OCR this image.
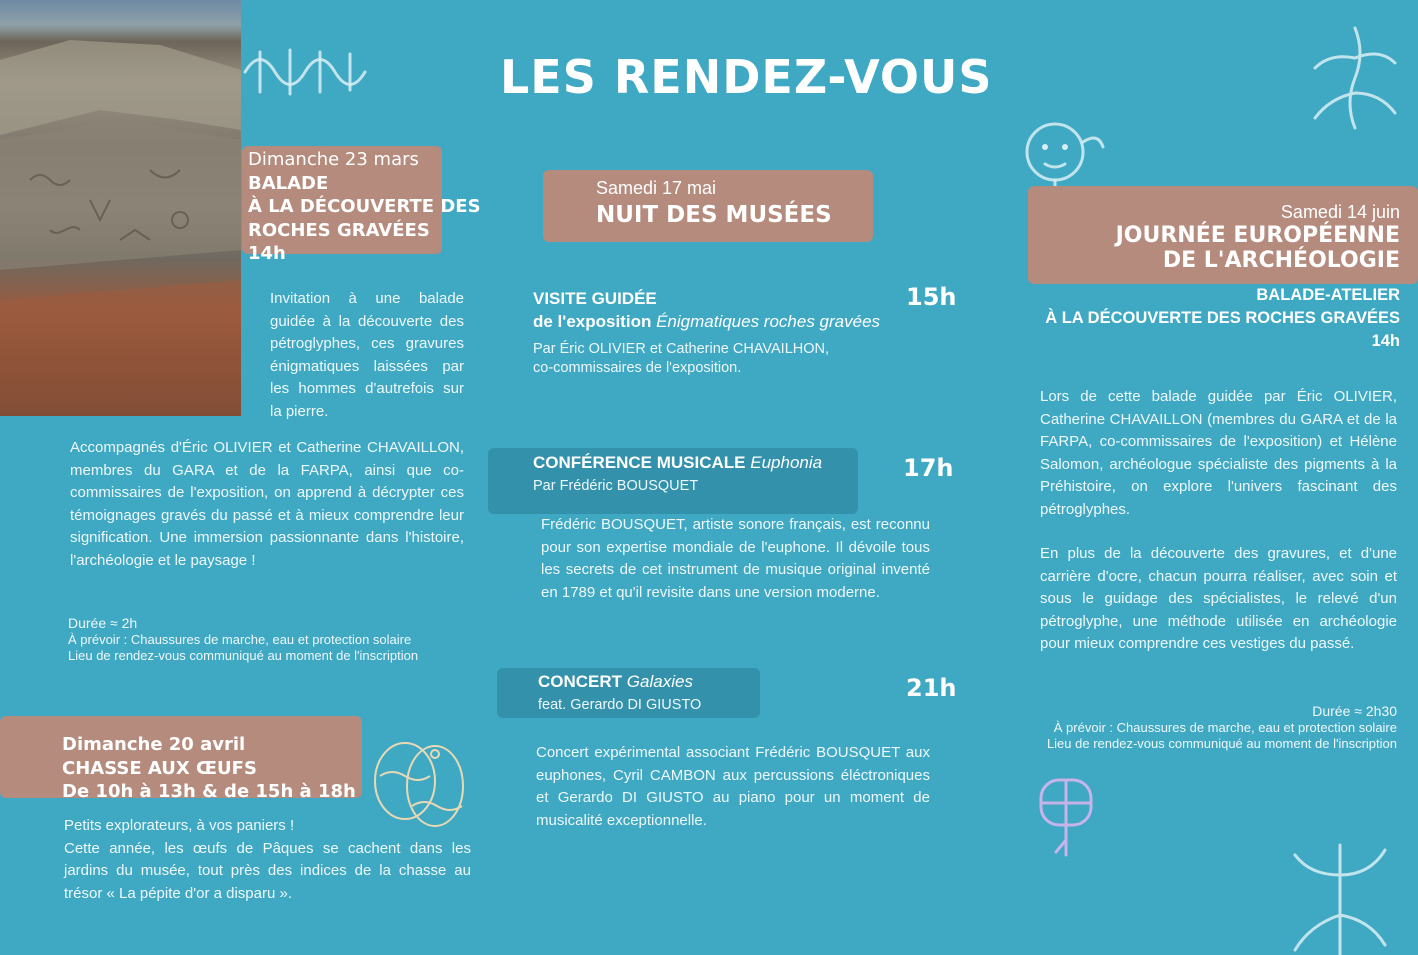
LES RENDEZ-VOUS
Dimanche 23 mars
BALADE
À LA DÉCOUVERTE DES
ROCHES GRAVÉES
14h
Invitation à une balade guidée à la découverte des pétroglyphes, ces gravures énigmatiques laissées par les hommes d'autrefois sur la pierre.
Accompagnés d'Éric OLIVIER et Catherine CHAVAILLON, membres du GARA et de la FARPA, ainsi que co-commissaires de l'exposition, on apprend à décrypter ces témoignages gravés du passé et à mieux comprendre leur signification. Une immersion passionnante dans l'histoire, l'archéologie et le paysage !
Durée ≈ 2h
À prévoir : Chaussures de marche, eau et protection solaire
Lieu de rendez-vous communiqué au moment de l'inscription
Dimanche 20 avril
CHASSE AUX ŒUFS
De 10h à 13h & de 15h à 18h
Petits explorateurs, à vos paniers !
Cette année, les œufs de Pâques se cachent dans les jardins du musée, tout près des indices de la chasse au trésor « La pépite d'or a disparu ».
Samedi 17 mai
NUIT DES MUSÉES
VISITE GUIDÉE
de l'exposition Énigmatiques roches gravées
Par Éric OLIVIER et Catherine CHAVAILHON,
co-commissaires de l'exposition.
15h
CONFÉRENCE MUSICALE Euphonia
Par Frédéric BOUSQUET
17h
Frédéric BOUSQUET, artiste sonore français, est reconnu pour son expertise mondiale de l'euphone. Il dévoile tous les secrets de cet instrument de musique original inventé en 1789 et qu'il revisite dans une version moderne.
CONCERT Galaxies
feat. Gerardo DI GIUSTO
21h
Concert expérimental associant Frédéric BOUSQUET aux euphones, Cyril CAMBON aux percussions éléctroniques et Gerardo DI GIUSTO au piano pour un moment de musicalité exceptionnelle.
Samedi 14 juin
JOURNÉE EUROPÉENNE
DE L'ARCHÉOLOGIE
BALADE-ATELIER
À LA DÉCOUVERTE DES ROCHES GRAVÉES
14h
Lors de cette balade guidée par Éric OLIVIER, Catherine CHAVAILLON (membres du GARA et de la FARPA, co-commissaires de l'exposition) et Hélène Salomon, archéologue spécialiste des pigments à la Préhistoire, on explore l'univers fascinant des pétroglyphes.
En plus de la découverte des gravures, et d'une carrière d'ocre, chacun pourra réaliser, avec soin et sous le guidage des spécialistes, le relevé d'un pétroglyphe, une méthode utilisée en archéologie pour mieux comprendre ces vestiges du passé.
Durée ≈ 2h30
À prévoir : Chaussures de marche, eau et protection solaire
Lieu de rendez-vous communiqué au moment de l'inscription
